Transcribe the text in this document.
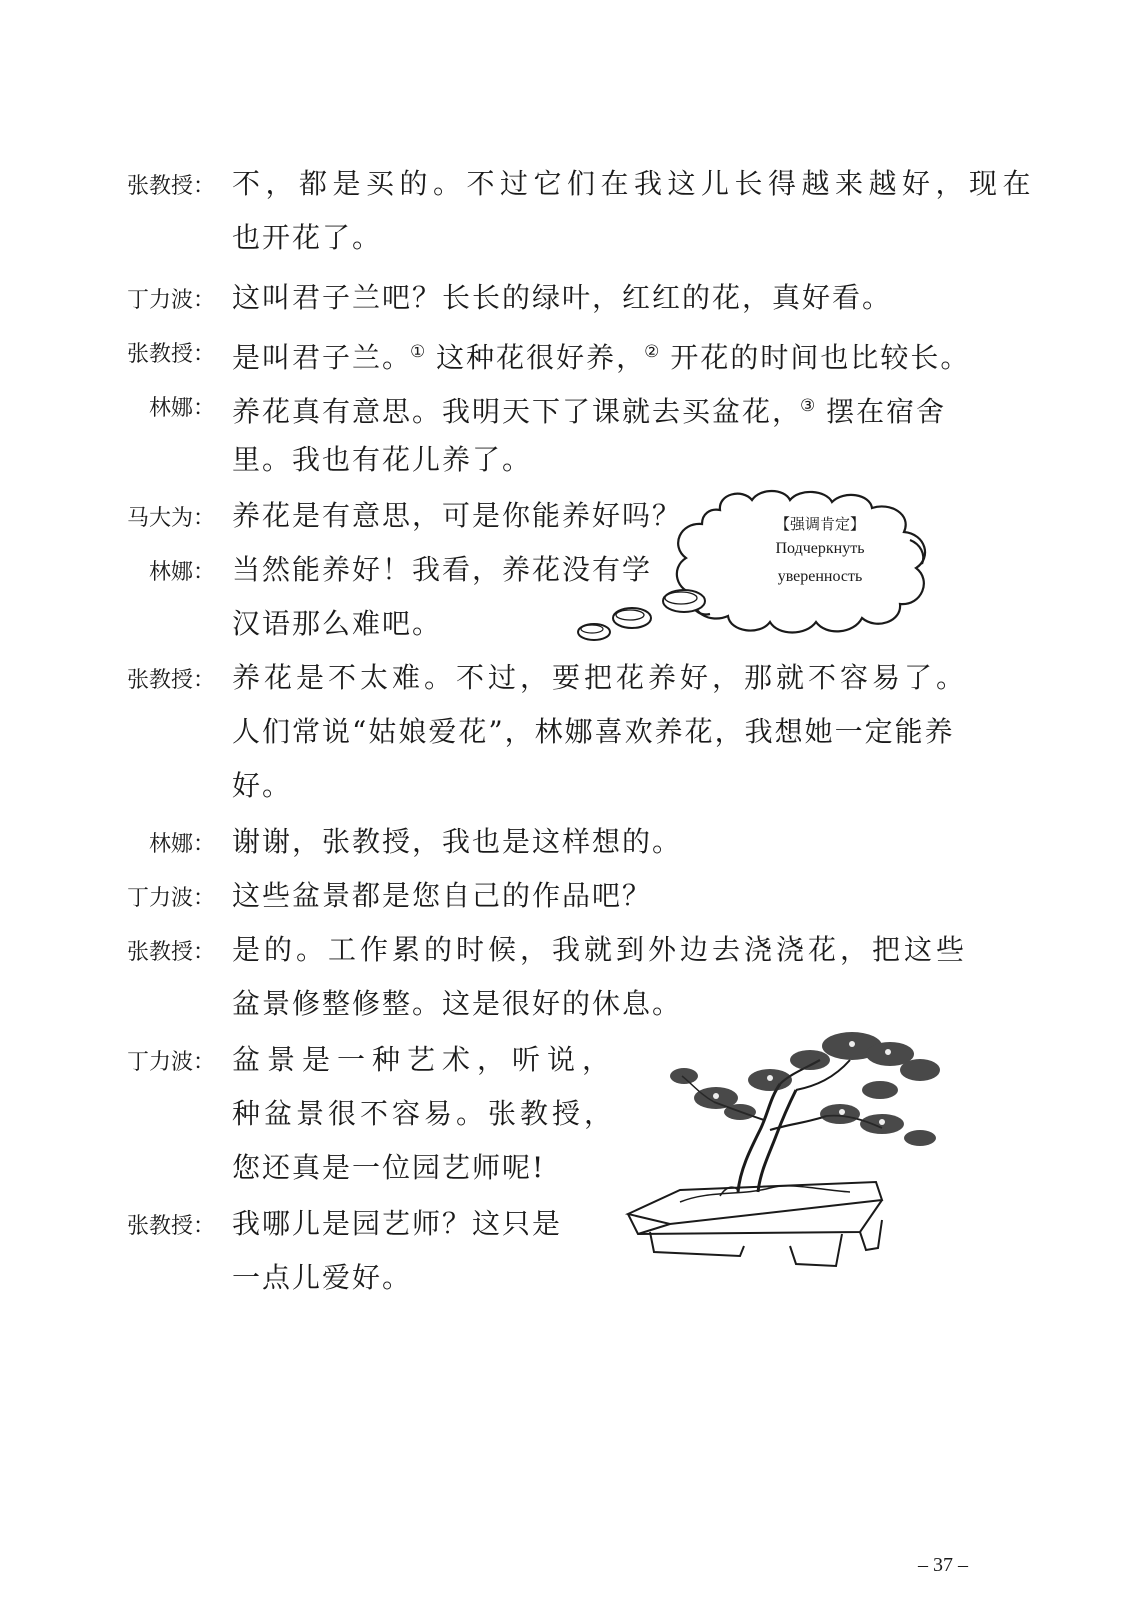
张教授： 不，都是买的。不过它们在我这儿长得越来越好，现在
也开花了。
丁力波： 这叫君子兰吧？长长的绿叶，红红的花，真好看。
张教授： 是叫君子兰。① 这种花很好养，② 开花的时间也比较长。
林娜： 养花真有意思。我明天下了课就去买盆花，③ 摆在宿舍
里。我也有花儿养了。
马大为： 养花是有意思，可是你能养好吗？
林娜： 当然能养好！我看，养花没有学
汉语那么难吧。
张教授： 养花是不太难。不过，要把花养好，那就不容易了。
人们常说“姑娘爱花”，林娜喜欢养花，我想她一定能养
好。
林娜： 谢谢，张教授，我也是这样想的。
丁力波： 这些盆景都是您自己的作品吧？
张教授： 是的。工作累的时候，我就到外边去浇浇花，把这些
盆景修整修整。这是很好的休息。
丁力波： 盆景是一种艺术，听说，
种盆景很不容易。张教授，
您还真是一位园艺师呢!
张教授： 我哪儿是园艺师？这只是
一点儿爱好。
【强调肯定】
Подчеркнуть
уверенность
– 37 –
